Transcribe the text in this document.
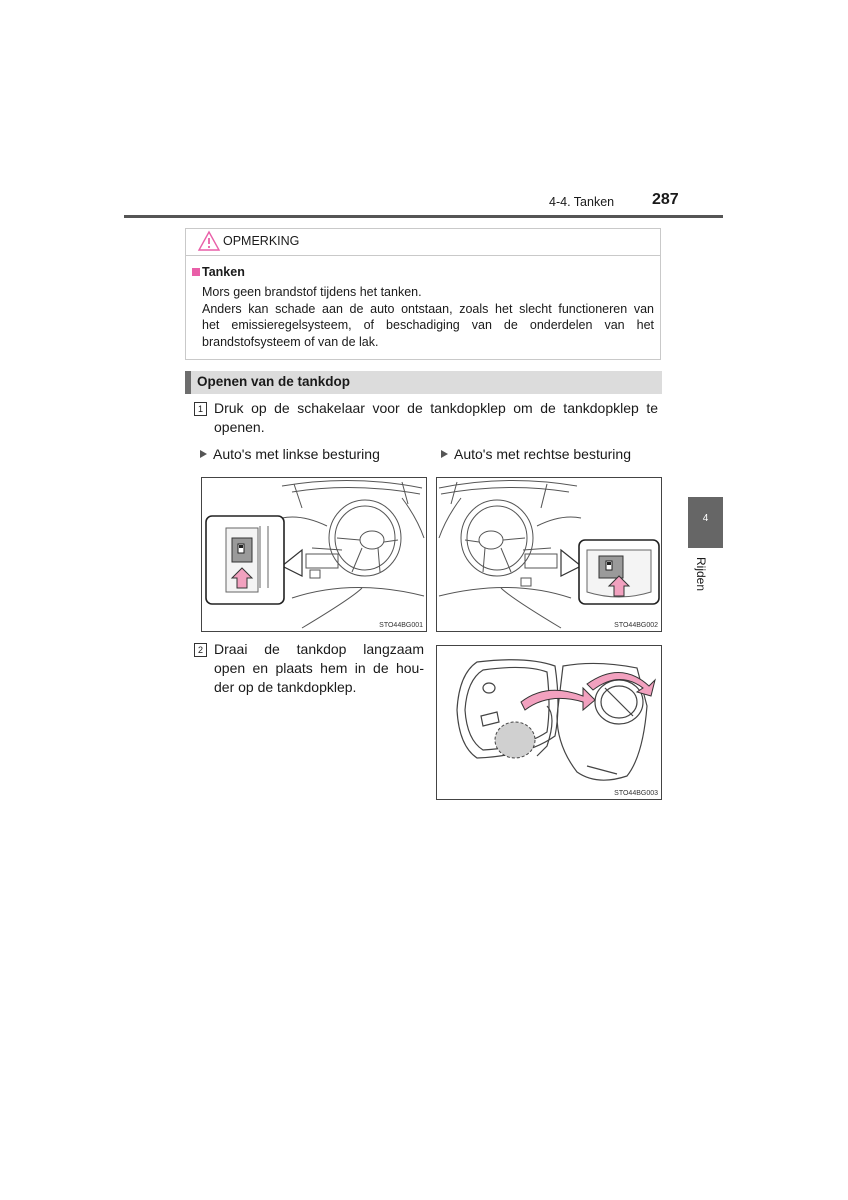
4-4. Tanken 287
4
Rijden
OPMERKING
Tanken
Mors geen brandstof tijdens het tanken.
Anders kan schade aan de auto ontstaan, zoals het slecht functioneren van
het emissieregelsysteem, of beschadiging van de onderdelen van het
brandstofsysteem of van de lak.
Openen van de tankdop
1 Druk op de schakelaar voor de tankdopklep om de tankdopklep te
openen.
Auto's met linkse besturing	Auto's met rechtse besturing
STO44BG001	STO44BG002
2 Draai de tankdop langzaam
open en plaats hem in de hou-
der op de tankdopklep.
STO44BG003
